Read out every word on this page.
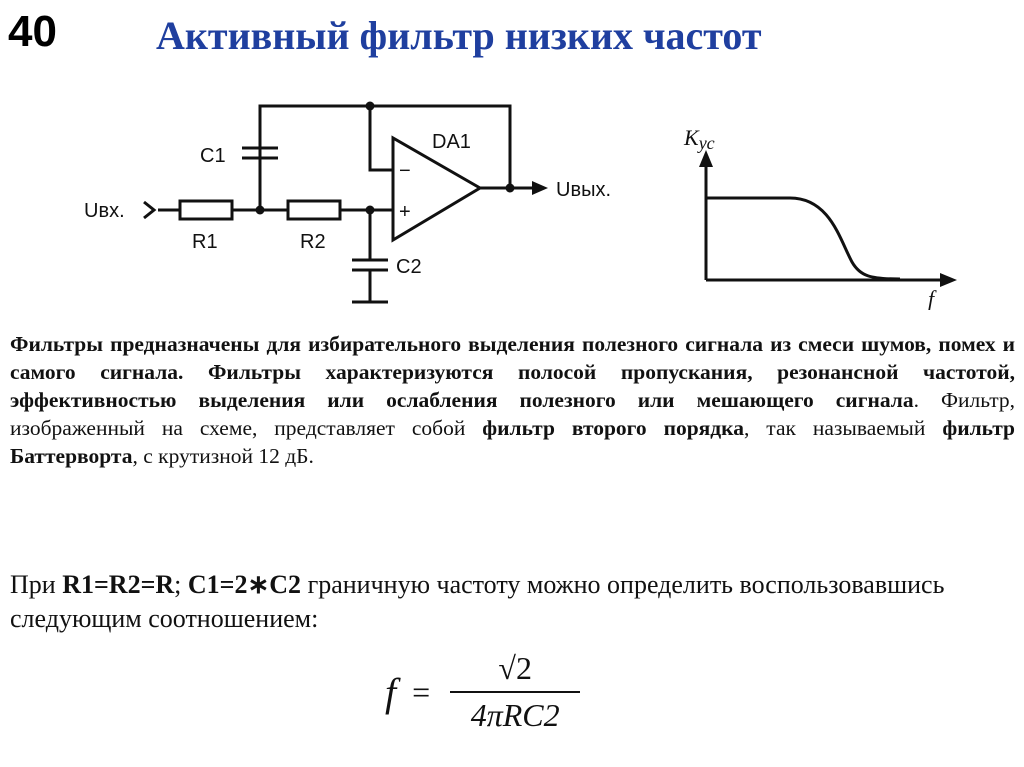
40 Активный фильтр низких частот
C1
C2
R1	R2
DA1
−
+
Uвх.
Uвых.
Kус
f
Фильтры предназначены для избирательного выделения полезного сигнала из смеси шумов, помех и самого сигнала. Фильтры характеризуются полосой пропускания, резонансной частотой, эффективностью выделения или ослабления полезного или мешающего сигнала. Фильтр, изображенный на схеме, представляет собой фильтр второго порядка, так называемый фильтр Баттерворта, с крутизной 12 дБ.
При R1=R2=R; C1=2∗C2 граничную частоту можно определить воспользовавшись следующим соотношением:
$f = \frac{√2}{\text{4πRC2}}$
